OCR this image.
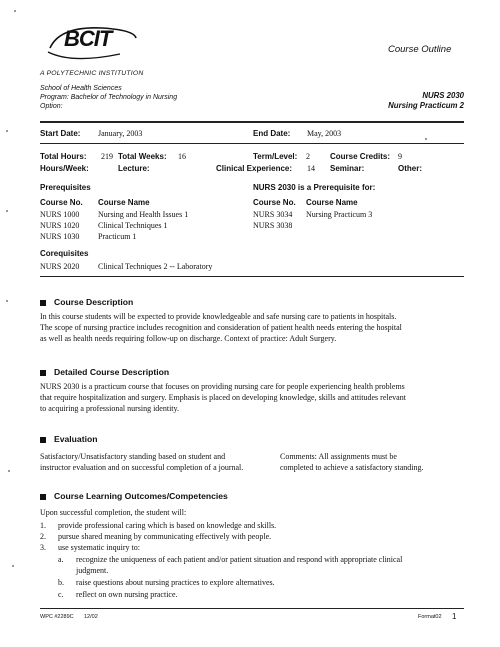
BCIT
A POLYTECHNIC INSTITUTION
Course Outline
School of Health Sciences
Program: Bachelor of Technology in Nursing
Option:
NURS 2030
Nursing Practicum 2
Start Date: January, 2003	End Date: May, 2003
Total Hours: 219 Total Weeks: 16	Term/Level: 2	Course Credits: 9
Hours/Week:	Lecture:	Clinical Experience: 14 Seminar:	Other:
Prerequisites
Course No. Course Name
NURS 1000 Nursing and Health Issues 1
NURS 1020 Clinical Techniques 1
NURS 1030 Practicum 1
NURS 2030 is a Prerequisite for:
Course No. Course Name
NURS 3034 Nursing Practicum 3
NURS 3038
Corequisites
NURS 2020 Clinical Techniques 2 -- Laboratory
Course Description
In this course students will be expected to provide knowledgeable and safe nursing care to patients in hospitals.
The scope of nursing practice includes recognition and consideration of patient health needs entering the hospital
as well as health needs requiring follow-up on discharge. Context of practice: Adult Surgery.
Detailed Course Description
NURS 2030 is a practicum course that focuses on providing nursing care for people experiencing health problems
that require hospitalization and surgery. Emphasis is placed on developing knowledge, skills and attitudes relevant
to acquiring a professional nursing identity.
Evaluation
Satisfactory/Unsatisfactory standing based on student and
instructor evaluation and on successful completion of a journal.
Comments: All assignments must be
completed to achieve a satisfactory standing.
Course Learning Outcomes/Competencies
Upon successful completion, the student will:
1. provide professional caring which is based on knowledge and skills.
2. pursue shared meaning by communicating effectively with people.
3. use systematic inquiry to:
a. recognize the uniqueness of each patient and/or patient situation and respond with appropriate clinical
judgment.
b. raise questions about nursing practices to explore alternatives.
c. reflect on own nursing practice.
WPC #2289C 12/02	Format02 1
